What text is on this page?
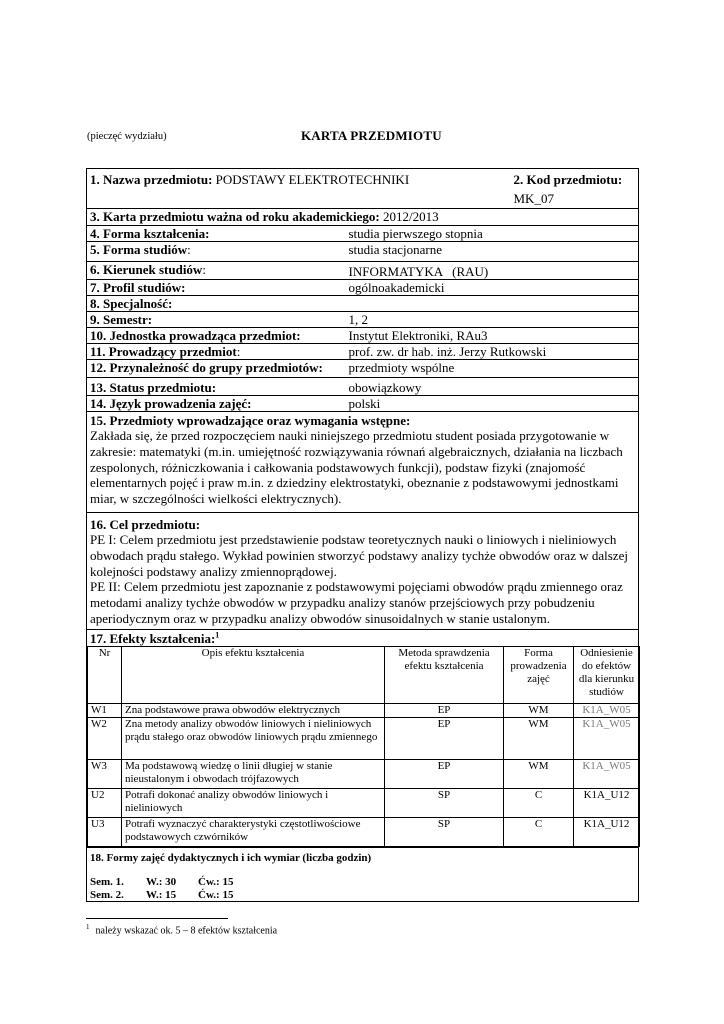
(pieczęć wydziału)	KARTA PRZEDMIOTU
1. Nazwa przedmiotu: PODSTAWY ELEKTROTECHNIKI	2. Kod przedmiotu:
MK_07

3. Karta przedmiotu ważna od roku akademickiego: 2012/2013
4. Forma kształcenia:	studia pierwszego stopnia
5. Forma studiów:	studia stacjonarne
6. Kierunek studiów:	INFORMATYKA   (RAU)
7. Profil studiów:	ogólnoakademicki
8. Specjalność:
9. Semestr:	1, 2
10. Jednostka prowadząca przedmiot:	Instytut Elektroniki, RAu3
11. Prowadzący przedmiot:	prof. zw. dr hab. inż. Jerzy Rutkowski
12. Przynależność do grupy przedmiotów:	przedmioty wspólne
13. Status przedmiotu:	obowiązkowy
14. Język prowadzenia zajęć:	polski

15. Przedmioty wprowadzające oraz wymagania wstępne:
Zakłada się, że przed rozpoczęciem nauki niniejszego przedmiotu student posiada przygotowanie w zakresie: matematyki (m.in. umiejętność rozwiązywania równań algebraicznych, działania na liczbach zespolonych, różniczkowania i całkowania podstawowych funkcji), podstaw fizyki (znajomość elementarnych pojęć i praw m.in. z dziedziny elektrostatyki, obeznanie z podstawowymi jednostkami miar, w szczególności wielkości elektrycznych).

16. Cel przedmiotu:
PE I: Celem przedmiotu jest przedstawienie podstaw teoretycznych nauki o liniowych i nieliniowych obwodach prądu stałego. Wykład powinien stworzyć podstawy analizy tychże obwodów oraz w dalszej kolejności podstawy analizy zmiennoprądowej.
PE II: Celem przedmiotu jest zapoznanie z podstawowymi pojęciami obwodów prądu zmiennego oraz metodami analizy tychże obwodów w przypadku analizy stanów przejściowych przy pobudzeniu aperiodycznym oraz w przypadku analizy obwodów sinusoidalnych w stanie ustalonym.

17. Efekty kształcenia:$^1$

Nr	Opis efektu kształcenia	Metoda sprawdzenia efektu kształcenia	Forma prowadzenia zajęć	Odniesienie do efektów dla kierunku studiów
W1	Zna podstawowe prawa obwodów elektrycznych	EP	WM	K1A_W05
W2	Zna metody analizy obwodów liniowych i nieliniowych prądu stałego oraz obwodów liniowych prądu zmiennego	EP	WM	K1A_W05
W3	Ma podstawową wiedzę o linii długiej w stanie nieustalonym i obwodach trójfazowych	EP	WM	K1A_W05
U2	Potrafi dokonać analizy obwodów liniowych i nieliniowych	SP	C	K1A_U12
U3	Potrafi wyznaczyć charakterystyki częstotliwościowe podstawowych czwórników	SP	C	K1A_U12

18. Formy zajęć dydaktycznych i ich wymiar (liczba godzin)
Sem. 1. W.: 30 Ćw.: 15
Sem. 2. W.: 15 Ćw.: 15
$^1$ należy wskazać ok. 5 – 8 efektów kształcenia
